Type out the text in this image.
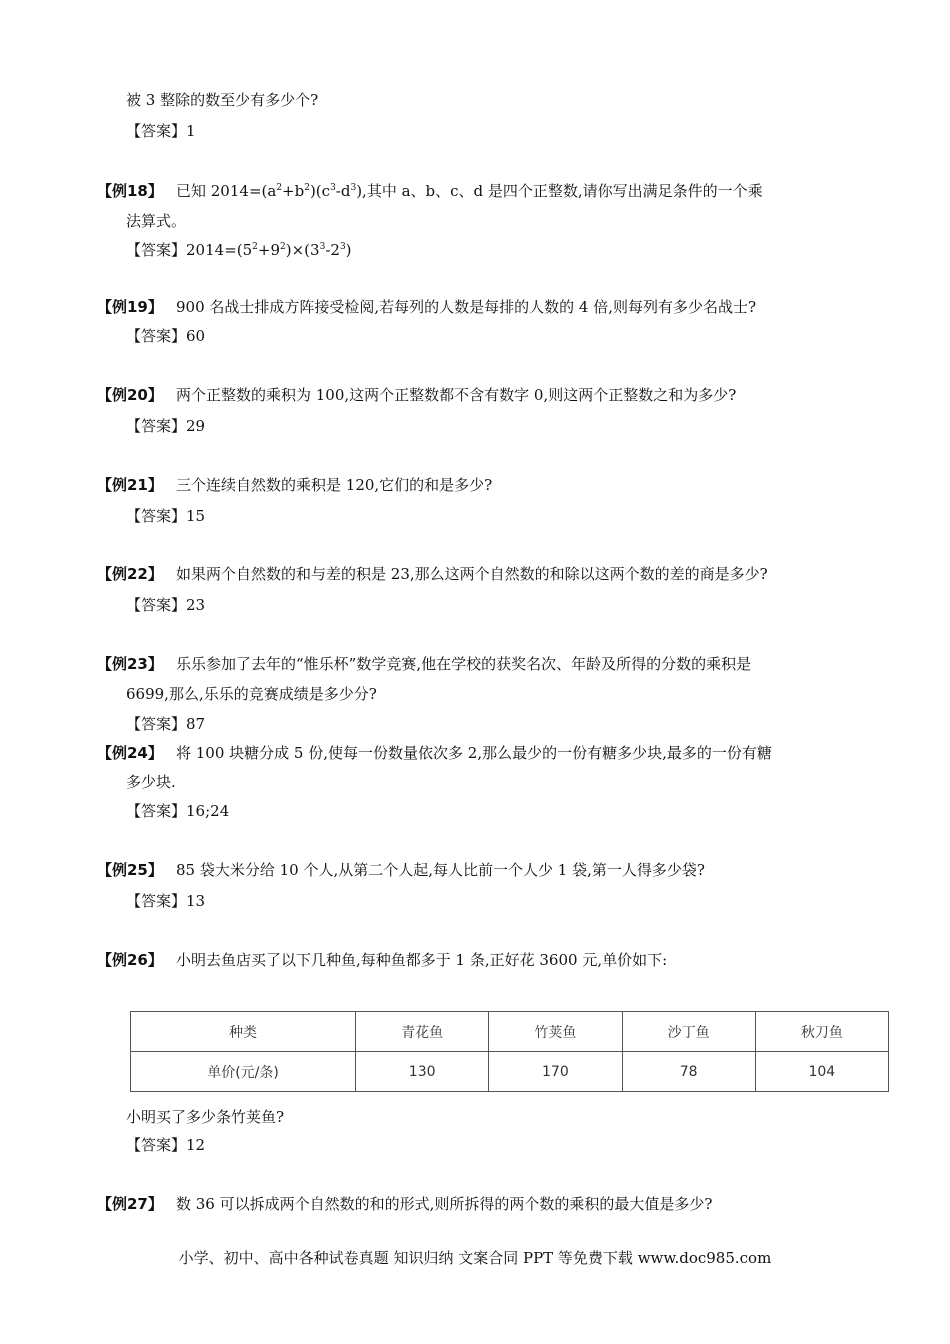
被 3 整除的数至少有多少个?
【答案】1
【例18】 已知 $2014=(a^2+b^2)(c^3-d^3)$,其中 a、b、c、d 是四个正整数,请你写出满足条件的一个乘
法算式。
【答案】$2014=(5^2+9^2)\times(3^3-2^3)$
【例19】 900 名战士排成方阵接受检阅,若每列的人数是每排的人数的 4 倍,则每列有多少名战士?
【答案】60
【例20】 两个正整数的乘积为 100,这两个正整数都不含有数字 0,则这两个正整数之和为多少?
【答案】29
【例21】 三个连续自然数的乘积是 120,它们的和是多少?
【答案】15
【例22】 如果两个自然数的和与差的积是 23,那么这两个自然数的和除以这两个数的差的商是多少?
【答案】23
【例23】 乐乐参加了去年的“惟乐杯”数学竞赛,他在学校的获奖名次、年龄及所得的分数的乘积是
6699,那么,乐乐的竞赛成绩是多少分?
【答案】87
【例24】 将 100 块糖分成 5 份,使每一份数量依次多 2,那么最少的一份有糖多少块,最多的一份有糖
多少块.
【答案】16;24
【例25】 85 袋大米分给 10 个人,从第二个人起,每人比前一个人少 1 袋,第一人得多少袋?
【答案】13
【例26】 小明去鱼店买了以下几种鱼,每种鱼都多于 1 条,正好花 3600 元,单价如下:
种类	青花鱼	竹荚鱼	沙丁鱼	秋刀鱼
单价(元/条)	130	170	78	104
小明买了多少条竹荚鱼?
【答案】12
【例27】 数 36 可以拆成两个自然数的和的形式,则所拆得的两个数的乘积的最大值是多少?
小学、初中、高中各种试卷真题 知识归纳 文案合同 PPT 等免费下载 www.doc985.com
